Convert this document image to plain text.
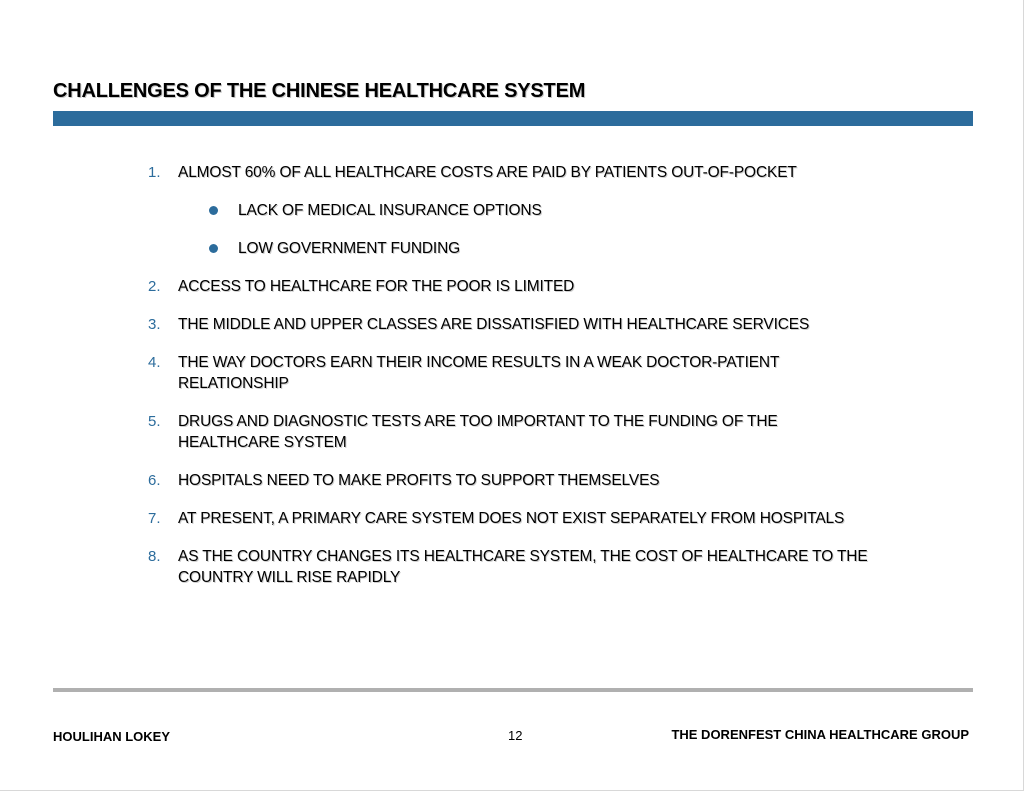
CHALLENGES OF THE CHINESE HEALTHCARE SYSTEM
1.	ALMOST 60% OF ALL HEALTHCARE COSTS ARE PAID BY PATIENTS OUT-OF-POCKET
LACK OF MEDICAL INSURANCE OPTIONS
LOW GOVERNMENT FUNDING
2.	ACCESS TO HEALTHCARE FOR THE POOR IS LIMITED
3.	THE MIDDLE AND UPPER CLASSES ARE DISSATISFIED WITH HEALTHCARE SERVICES
4.	THE WAY DOCTORS EARN THEIR INCOME RESULTS IN A WEAK DOCTOR-PATIENT RELATIONSHIP
5.	DRUGS AND DIAGNOSTIC TESTS ARE TOO IMPORTANT TO THE FUNDING OF THE HEALTHCARE SYSTEM
6.	HOSPITALS NEED TO MAKE PROFITS TO SUPPORT THEMSELVES
7.	AT PRESENT, A PRIMARY CARE SYSTEM DOES NOT EXIST SEPARATELY FROM HOSPITALS
8.	AS THE COUNTRY CHANGES ITS HEALTHCARE SYSTEM, THE COST OF HEALTHCARE TO THE COUNTRY WILL RISE RAPIDLY
HOULIHAN LOKEY	12	THE DORENFEST CHINA HEALTHCARE GROUP
